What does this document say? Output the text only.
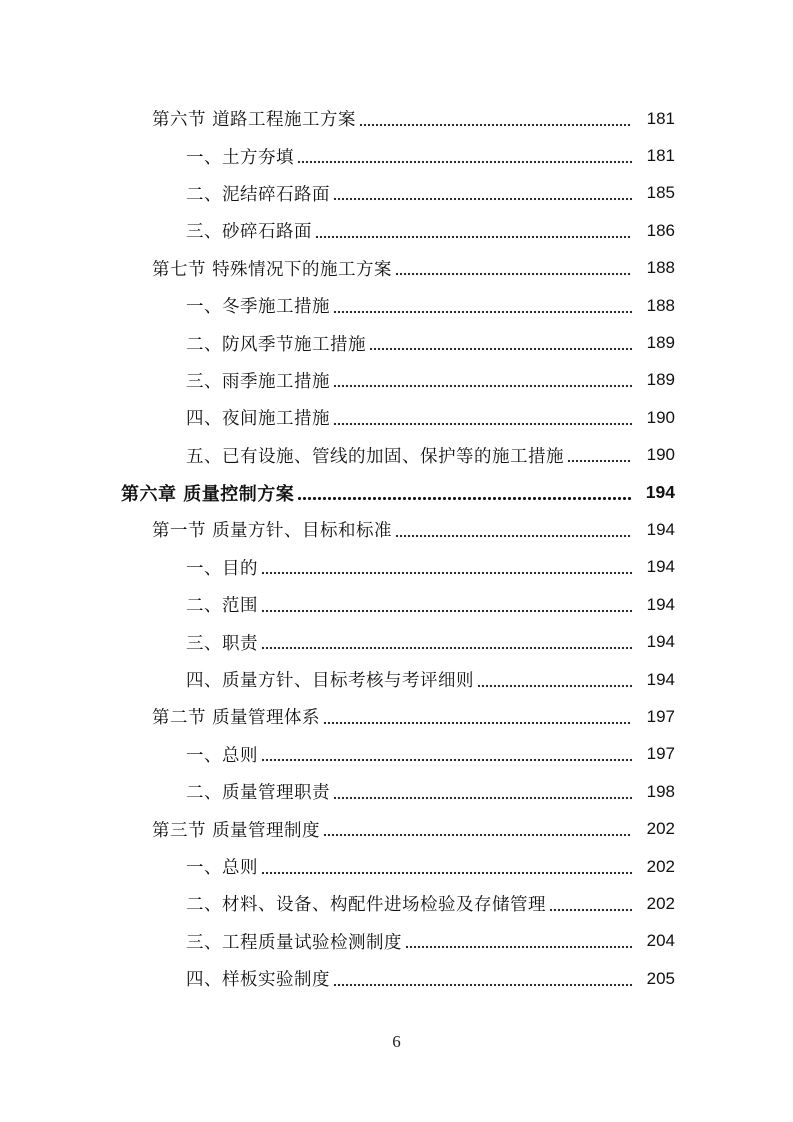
第六节 道路工程施工方案	181
一、土方夯填	181
二、泥结碎石路面	185
三、砂碎石路面	186
第七节 特殊情况下的施工方案	188
一、冬季施工措施	188
二、防风季节施工措施	189
三、雨季施工措施	189
四、夜间施工措施	190
五、已有设施、管线的加固、保护等的施工措施	190
第六章 质量控制方案	194
第一节 质量方针、目标和标准	194
一、目的	194
二、范围	194
三、职责	194
四、质量方针、目标考核与考评细则	194
第二节 质量管理体系	197
一、总则	197
二、质量管理职责	198
第三节 质量管理制度	202
一、总则	202
二、材料、设备、构配件进场检验及存储管理	202
三、工程质量试验检测制度	204
四、样板实验制度	205
6
